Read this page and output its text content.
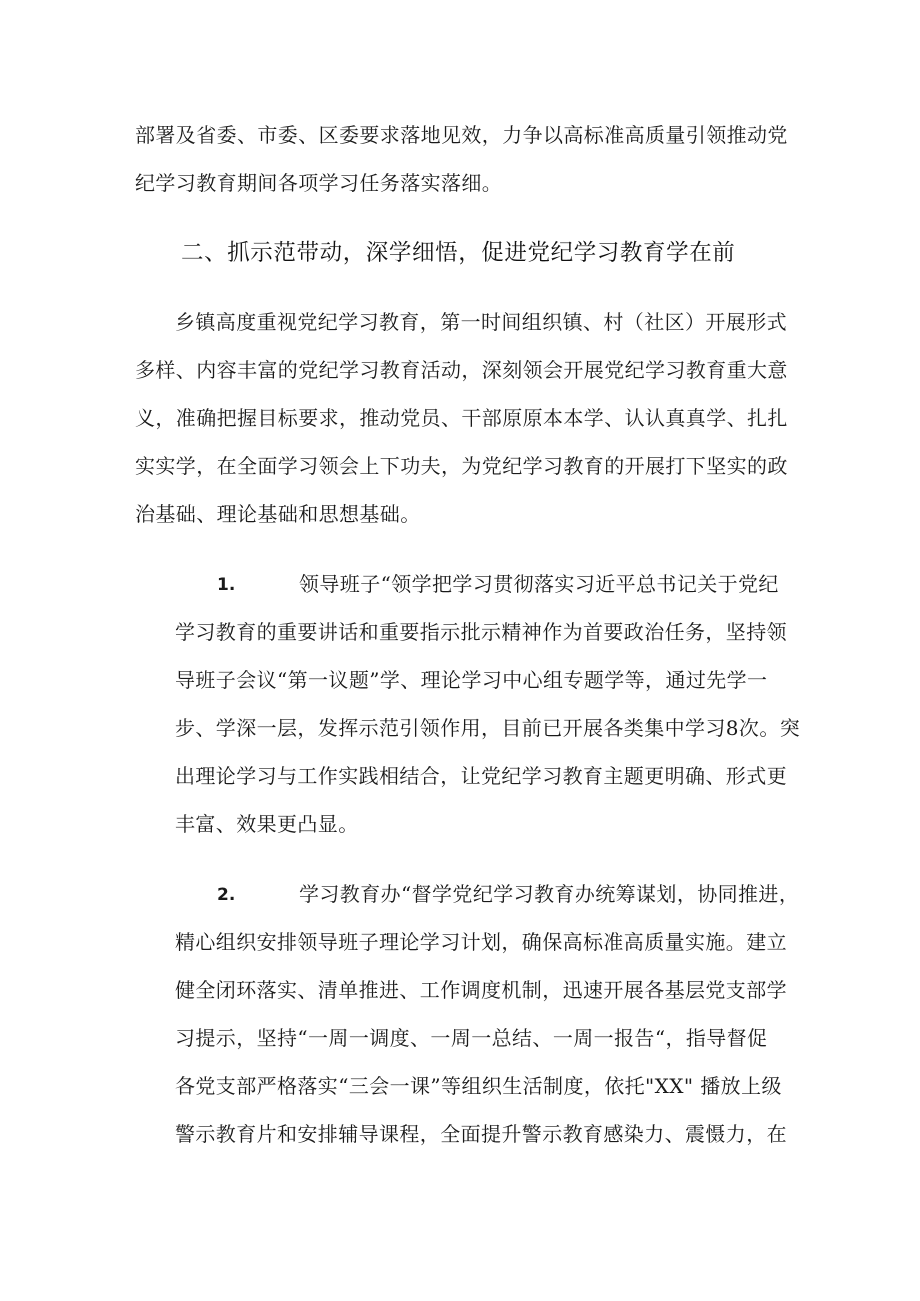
部署及省委、市委、区委要求落地见效，力争以高标准高质量引领推动党
纪学习教育期间各项学习任务落实落细。
二、抓示范带动，深学细悟，促进党纪学习教育学在前
乡镇高度重视党纪学习教育，第一时间组织镇、村（社区）开展形式
多样、内容丰富的党纪学习教育活动，深刻领会开展党纪学习教育重大意
义，准确把握目标要求，推动党员、干部原原本本学、认认真真学、扎扎
实实学，在全面学习领会上下功夫，为党纪学习教育的开展打下坚实的政
治基础、理论基础和思想基础。
1.	领导班子“领学把学习贯彻落实习近平总书记关于党纪
学习教育的重要讲话和重要指示批示精神作为首要政治任务，坚持领
导班子会议“第一议题”学、理论学习中心组专题学等，通过先学一
步、学深一层，发挥示范引领作用，目前已开展各类集中学习8次。突
出理论学习与工作实践相结合，让党纪学习教育主题更明确、形式更
丰富、效果更凸显。
2.	学习教育办“督学党纪学习教育办统筹谋划，协同推进，
精心组织安排领导班子理论学习计划，确保高标准高质量实施。建立
健全闭环落实、清单推进、工作调度机制，迅速开展各基层党支部学
习提示，坚持“一周一调度、一周一总结、一周一报告“，指导督促
各党支部严格落实“三会一课”等组织生活制度，依托"XX" 播放上级
警示教育片和安排辅导课程，全面提升警示教育感染力、震慑力，在
